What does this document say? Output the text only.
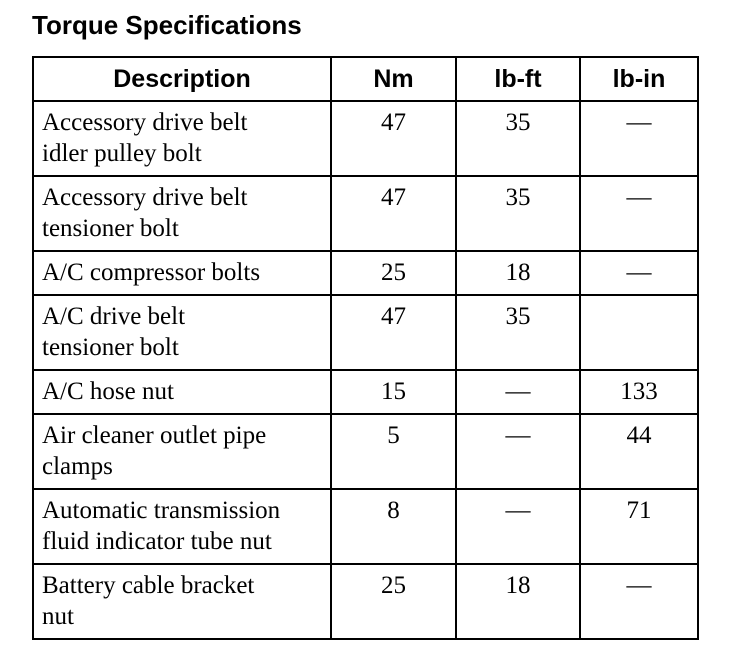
Torque Specifications
Description	Nm	lb-ft	lb-in

Accessory drive belt
idler pulley bolt	47	35	—

Accessory drive belt
tensioner bolt	47	35	—

A/C compressor bolts	25	18	—

A/C drive belt
tensioner bolt	47	35	

A/C hose nut	15	—	133

Air cleaner outlet pipe
clamps	5	—	44

Automatic transmission
fluid indicator tube nut	8	—	71

Battery cable bracket
nut	25	18	—
